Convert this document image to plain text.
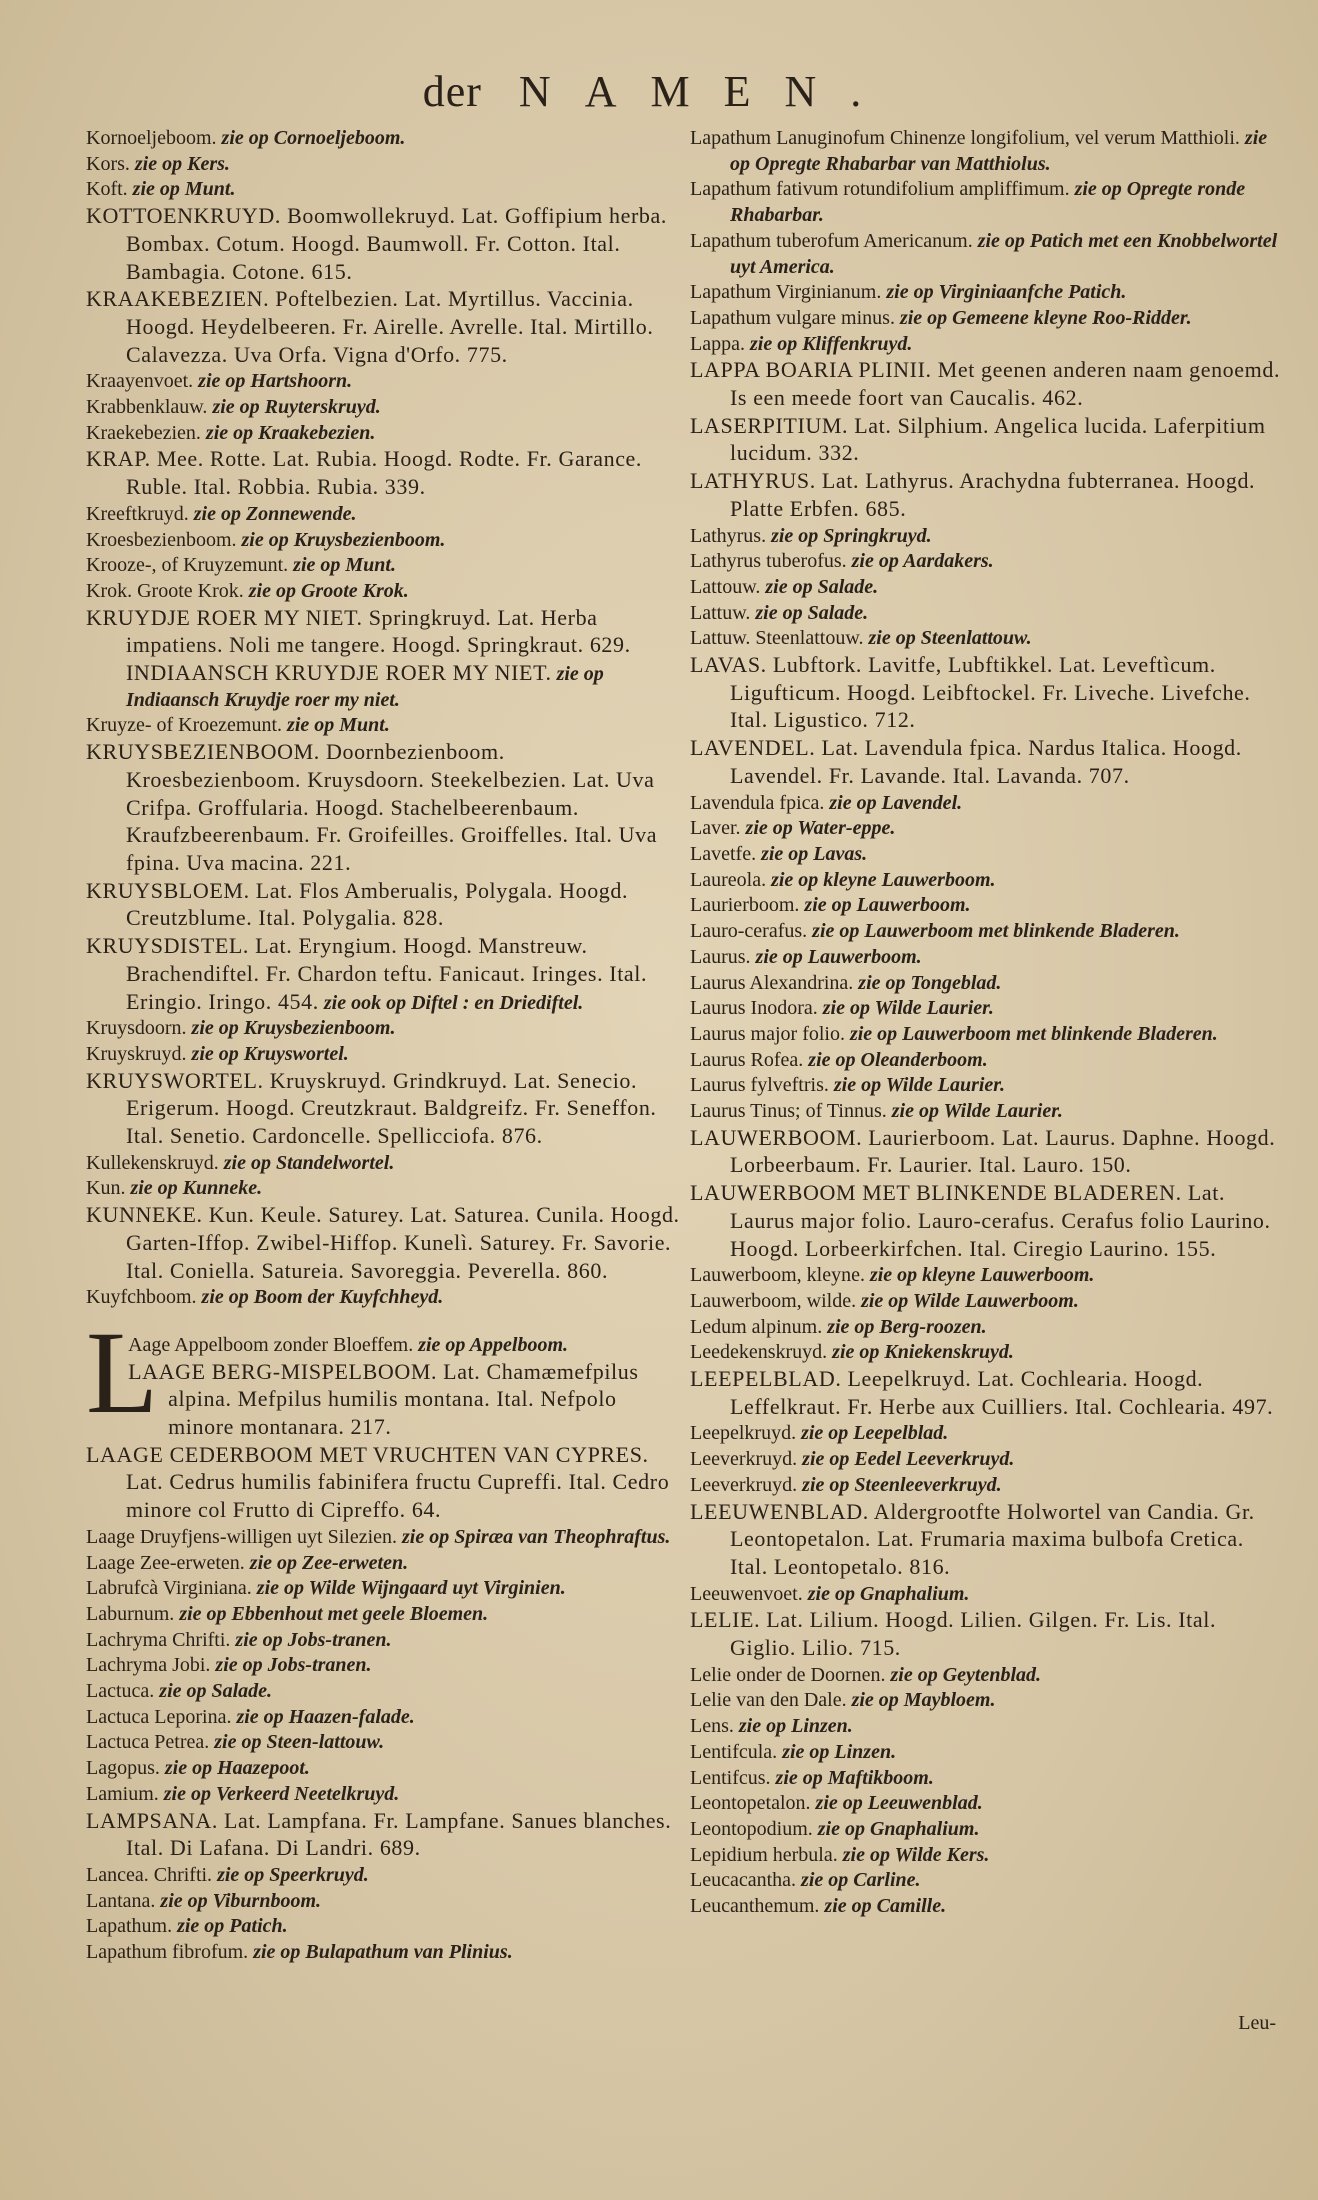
der NAMEN.
Kornoeljeboom. zie op Cornoeljeboom.
Kors. zie op Kers.
Koft. zie op Munt.
KOTTOENKRUYD. Boomwollekruyd. Lat. Goffipium herba. Bombax. Cotum. Hoogd. Baumwoll. Fr. Cotton. Ital. Bambagia. Cotone. 615.
KRAAKEBEZIEN. Poftelbezien. Lat. Myrtillus. Vaccinia. Hoogd. Heydelbeeren. Fr. Airelle. Avrelle. Ital. Mirtillo. Calavezza. Uva Orfa. Vigna d'Orfo. 775.
Kraayenvoet. zie op Hartshoorn.
Krabbenklauw. zie op Ruyterskruyd.
Kraekebezien. zie op Kraakebezien.
KRAP. Mee. Rotte. Lat. Rubia. Hoogd. Rodte. Fr. Garance. Ruble. Ital. Robbia. Rubia. 339.
Kreeftkruyd. zie op Zonnewende.
Kroesbezienboom. zie op Kruysbezienboom.
Krooze-, of Kruyzemunt. zie op Munt.
Krok. Groote Krok. zie op Groote Krok.
KRUYDJE ROER MY NIET. Springkruyd. Lat. Herba impatiens. Noli me tangere. Hoogd. Springkraut. 629. INDIAANSCH KRUYDJE ROER MY NIET. zie op Indiaansch Kruydje roer my niet.
Kruyze- of Kroezemunt. zie op Munt.
KRUYSBEZIENBOOM. Doornbezienboom. Kroesbezienboom. Kruysdoorn. Steekelbezien. Lat. Uva Crifpa. Groffularia. Hoogd. Stachelbeerenbaum. Kraufzbeerenbaum. Fr. Groifeilles. Groiffelles. Ital. Uva fpina. Uva macina. 221.
KRUYSBLOEM. Lat. Flos Amberualis, Polygala. Hoogd. Creutzblume. Ital. Polygalia. 828.
KRUYSDISTEL. Lat. Eryngium. Hoogd. Manstreuw. Brachendiftel. Fr. Chardon teftu. Fanicaut. Iringes. Ital. Eringio. Iringo. 454. zie ook op Diftel : en Driediftel.
Kruysdoorn. zie op Kruysbezienboom.
Kruyskruyd. zie op Kruyswortel.
KRUYSWORTEL. Kruyskruyd. Grindkruyd. Lat. Senecio. Erigerum. Hoogd. Creutzkraut. Baldgreifz. Fr. Seneffon. Ital. Senetio. Cardoncelle. Spellicciofa. 876.
Kullekenskruyd. zie op Standelwortel.
Kun. zie op Kunneke.
KUNNEKE. Kun. Keule. Saturey. Lat. Saturea. Cunila. Hoogd. Garten-Iffop. Zwibel-Hiffop. Kunelì. Saturey. Fr. Savorie. Ital. Coniella. Satureia. Savoreggia. Peverella. 860.
Kuyfchboom. zie op Boom der Kuyfchheyd.
L
Aage Appelboom zonder Bloeffem. zie op Appelboom.
LAAGE BERG-MISPELBOOM. Lat. Chamæmefpilus alpina. Mefpilus humilis montana. Ital. Nefpolo minore montanara. 217.
LAAGE CEDERBOOM MET VRUCHTEN VAN CYPRES. Lat. Cedrus humilis fabinifera fructu Cupreffi. Ital. Cedro minore col Frutto di Cipreffo. 64.
Laage Druyfjens-willigen uyt Silezien. zie op Spiræa van Theophraftus.
Laage Zee-erweten. zie op Zee-erweten.
Labrufcà Virginiana. zie op Wilde Wijngaard uyt Virginien.
Laburnum. zie op Ebbenhout met geele Bloemen.
Lachryma Chrifti. zie op Jobs-tranen.
Lachryma Jobi. zie op Jobs-tranen.
Lactuca. zie op Salade.
Lactuca Leporina. zie op Haazen-falade.
Lactuca Petrea. zie op Steen-lattouw.
Lagopus. zie op Haazepoot.
Lamium. zie op Verkeerd Neetelkruyd.
LAMPSANA. Lat. Lampfana. Fr. Lampfane. Sanues blanches. Ital. Di Lafana. Di Landri. 689.
Lancea. Chrifti. zie op Speerkruyd.
Lantana. zie op Viburnboom.
Lapathum. zie op Patich.
Lapathum fibrofum. zie op Bulapathum van Plinius.
Lapathum Lanuginofum Chinenze longifolium, vel verum Matthioli. zie op Opregte Rhabarbar van Matthiolus.
Lapathum fativum rotundifolium ampliffimum. zie op Opregte ronde Rhabarbar.
Lapathum tuberofum Americanum. zie op Patich met een Knobbelwortel uyt America.
Lapathum Virginianum. zie op Virginiaanfche Patich.
Lapathum vulgare minus. zie op Gemeene kleyne Roo-Ridder.
Lappa. zie op Kliffenkruyd.
LAPPA BOARIA PLINII. Met geenen anderen naam genoemd. Is een meede foort van Caucalis. 462.
LASERPITIUM. Lat. Silphium. Angelica lucida. Laferpitium lucidum. 332.
LATHYRUS. Lat. Lathyrus. Arachydna fubterranea. Hoogd. Platte Erbfen. 685.
Lathyrus. zie op Springkruyd.
Lathyrus tuberofus. zie op Aardakers.
Lattouw. zie op Salade.
Lattuw. zie op Salade.
Lattuw. Steenlattouw. zie op Steenlattouw.
LAVAS. Lubftork. Lavitfe, Lubftikkel. Lat. Leveftìcum. Ligufticum. Hoogd. Leibftockel. Fr. Liveche. Livefche. Ital. Ligustico. 712.
LAVENDEL. Lat. Lavendula fpica. Nardus Italica. Hoogd. Lavendel. Fr. Lavande. Ital. Lavanda. 707.
Lavendula fpica. zie op Lavendel.
Laver. zie op Water-eppe.
Lavetfe. zie op Lavas.
Laureola. zie op kleyne Lauwerboom.
Laurierboom. zie op Lauwerboom.
Lauro-cerafus. zie op Lauwerboom met blinkende Bladeren.
Laurus. zie op Lauwerboom.
Laurus Alexandrina. zie op Tongeblad.
Laurus Inodora. zie op Wilde Laurier.
Laurus major folio. zie op Lauwerboom met blinkende Bladeren.
Laurus Rofea. zie op Oleanderboom.
Laurus fylveftris. zie op Wilde Laurier.
Laurus Tinus; of Tinnus. zie op Wilde Laurier.
LAUWERBOOM. Laurierboom. Lat. Laurus. Daphne. Hoogd. Lorbeerbaum. Fr. Laurier. Ital. Lauro. 150.
LAUWERBOOM MET BLINKENDE BLADEREN. Lat. Laurus major folio. Lauro-cerafus. Cerafus folio Laurino. Hoogd. Lorbeerkirfchen. Ital. Ciregio Laurino. 155.
Lauwerboom, kleyne. zie op kleyne Lauwerboom.
Lauwerboom, wilde. zie op Wilde Lauwerboom.
Ledum alpinum. zie op Berg-roozen.
Leedekenskruyd. zie op Kniekenskruyd.
LEEPELBLAD. Leepelkruyd. Lat. Cochlearia. Hoogd. Leffelkraut. Fr. Herbe aux Cuilliers. Ital. Cochlearia. 497.
Leepelkruyd. zie op Leepelblad.
Leeverkruyd. zie op Eedel Leeverkruyd.
Leeverkruyd. zie op Steenleeverkruyd.
LEEUWENBLAD. Aldergrootfte Holwortel van Candia. Gr. Leontopetalon. Lat. Frumaria maxima bulbofa Cretica. Ital. Leontopetalo. 816.
Leeuwenvoet. zie op Gnaphalium.
LELIE. Lat. Lilium. Hoogd. Lilien. Gilgen. Fr. Lis. Ital. Giglio. Lilio. 715.
Lelie onder de Doornen. zie op Geytenblad.
Lelie van den Dale. zie op Maybloem.
Lens. zie op Linzen.
Lentifcula. zie op Linzen.
Lentifcus. zie op Maftikboom.
Leontopetalon. zie op Leeuwenblad.
Leontopodium. zie op Gnaphalium.
Lepidium herbula. zie op Wilde Kers.
Leucacantha. zie op Carline.
Leucanthemum. zie op Camille.
Leu-
